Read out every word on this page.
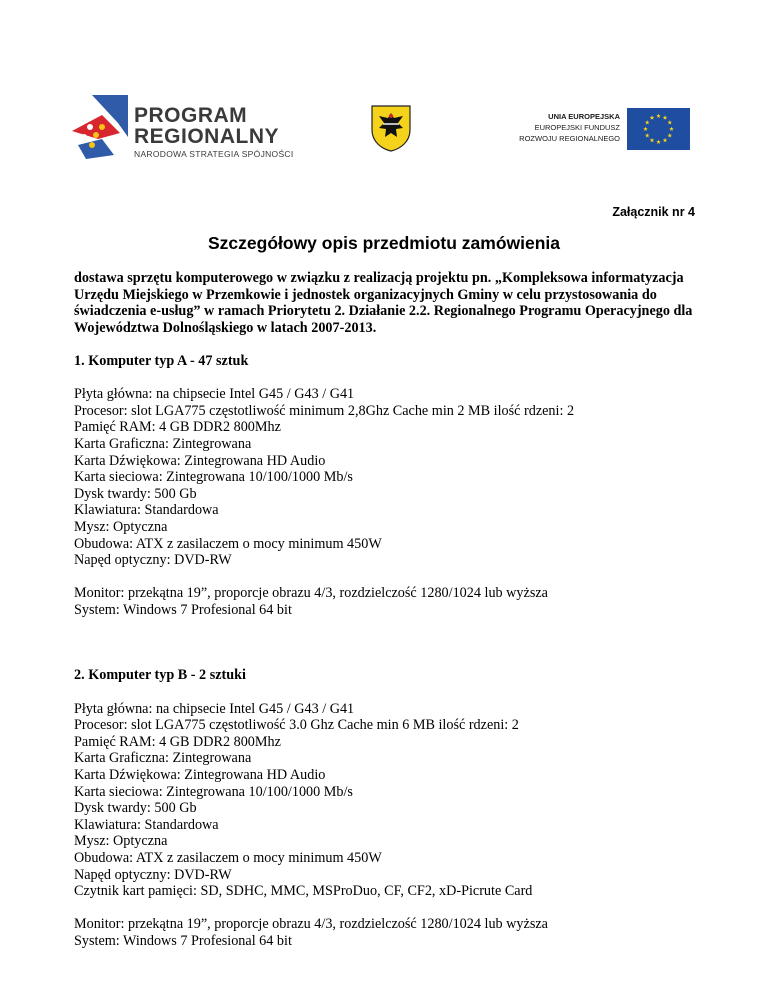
PROGRAM
REGIONALNY
NARODOWA STRATEGIA SPÓJNOŚCI
UNIA EUROPEJSKA
EUROPEJSKI FUNDUSZ
ROZWOJU REGIONALNEGO
Załącznik nr 4
Szczegółowy opis przedmiotu zamówienia

dostawa sprzętu komputerowego w związku z realizacją projektu pn. „Kompleksowa informatyzacja Urzędu Miejskiego w Przemkowie i jednostek organizacyjnych Gminy w celu przystosowania do świadczenia e-usług” w ramach Priorytetu 2. Działanie 2.2. Regionalnego Programu Operacyjnego dla Województwa Dolnośląskiego w latach 2007-2013.

1. Komputer typ A - 47 sztuk

Płyta główna: na chipsecie Intel G45 / G43 / G41
Procesor: slot LGA775 częstotliwość minimum 2,8Ghz Cache min 2 MB ilość rdzeni: 2
Pamięć RAM: 4 GB DDR2 800Mhz
Karta Graficzna: Zintegrowana
Karta Dźwiękowa: Zintegrowana HD Audio
Karta sieciowa: Zintegrowana 10/100/1000 Mb/s
Dysk twardy: 500 Gb
Klawiatura: Standardowa
Mysz: Optyczna
Obudowa: ATX z zasilaczem o mocy minimum 450W
Napęd optyczny: DVD-RW
Monitor: przekątna 19”, proporcje obrazu 4/3, rozdzielczość 1280/1024 lub wyższa
System: Windows 7 Profesional 64 bit

2. Komputer typ B - 2 sztuki

Płyta główna: na chipsecie Intel G45 / G43 / G41
Procesor: slot LGA775 częstotliwość 3.0 Ghz Cache min 6 MB ilość rdzeni: 2
Pamięć RAM: 4 GB DDR2 800Mhz
Karta Graficzna: Zintegrowana
Karta Dźwiękowa: Zintegrowana HD Audio
Karta sieciowa: Zintegrowana 10/100/1000 Mb/s
Dysk twardy: 500 Gb
Klawiatura: Standardowa
Mysz: Optyczna
Obudowa: ATX z zasilaczem o mocy minimum 450W
Napęd optyczny: DVD-RW
Czytnik kart pamięci: SD, SDHC, MMC, MSProDuo, CF, CF2, xD-Picrute Card
Monitor: przekątna 19”, proporcje obrazu 4/3, rozdzielczość 1280/1024 lub wyższa
System: Windows 7 Profesional 64 bit
